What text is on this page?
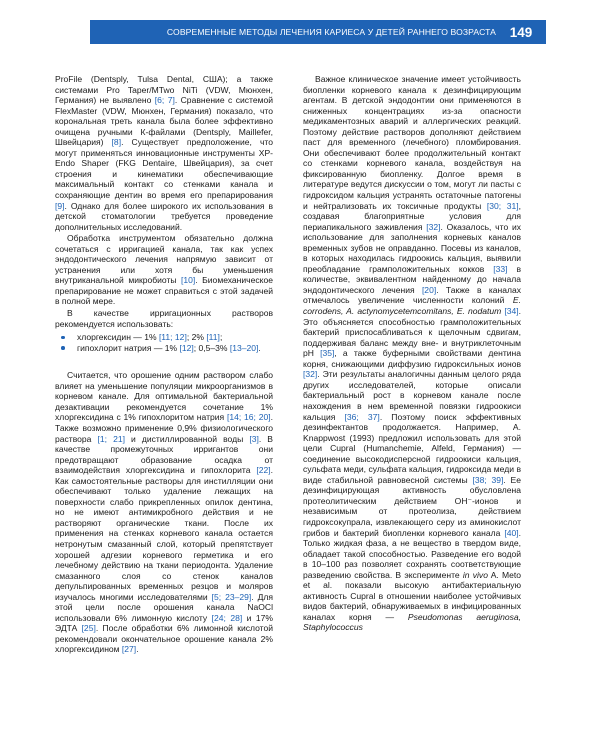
СОВРЕМЕННЫЕ МЕТОДЫ ЛЕЧЕНИЯ КАРИЕСА У ДЕТЕЙ РАННЕГО ВОЗРАСТА	149

ProFile (Dentsply, Tulsa Dental, США); а также системами Pro Taper/MTwo NiTi (VDW, Мюнхен, Германия) не выявлено [6; 7]. Сравнение с системой FlexMaster (VDW, Мюнхен, Германия) показало, что корональная треть канала была более эффективно очищена ручными К-файлами (Dentsply, Maillefer, Швейцария) [8]. Существует предположение, что могут применяться инновационные инструменты XP-Endo Shaper (FKG Dentaire, Швейцария), за счет строения и кинематики обеспечивающие максимальный контакт со стенками канала и сохраняющие дентин во время его препарирования [9]. Однако для более широкого их использования в детской стоматологии требуется проведение дополнительных исследований.

Обработка инструментом обязательно должна сочетаться с ирригацией канала, так как успех эндодонтического лечения напрямую зависит от устранения или хотя бы уменьшения внутриканальной микробиоты [10]. Биомеханическое препарирование не может справиться с этой задачей в полной мере.

В качестве ирригационных растворов рекомендуется использовать:

хлоргексидин — 1% [11; 12]; 2% [11];
гипохлорит натрия — 1% [12]; 0,5–3% [13–20].

Считается, что орошение одним раствором слабо влияет на уменьшение популяции микроорганизмов в корневом канале. Для оптимальной бактериальной дезактивации рекомендуется сочетание 1% хлоргексидина с 1% гипохлоритом натрия [14; 16; 20]. Также возможно применение 0,9% физиологического раствора [1; 21] и дистиллированной воды [3]. В качестве промежуточных ирригантов они предотвращают образование осадка от взаимодействия хлоргексидина и гипохлорита [22]. Как самостоятельные растворы для инстилляции они обеспечивают только удаление лежащих на поверхности слабо прикрепленных опилок дентина, но не имеют антимикробного действия и не растворяют органические ткани. После их применения на стенках корневого канала остается нетронутым смазанный слой, который препятствует хорошей адгезии корневого герметика и его лечебному действию на ткани периодонта. Удаление смазанного слоя со стенок каналов депульпированных временных резцов и моляров изучалось многими исследователями [5; 23–29]. Для этой цели после орошения канала NaOCl использовали 6% лимонную кислоту [24; 28] и 17% ЭДТА [25]. После обработки 6% лимонной кислотой рекомендовали окончательное орошение канала 2% хлоргексидином [27].

Важное клиническое значение имеет устойчивость биопленки корневого канала к дезинфицирующим агентам. В детской эндодонтии они применяются в сниженных концентрациях из-за опасности медикаментозных аварий и аллергических реакций. Поэтому действие растворов дополняют действием паст для временного (лечебного) пломбирования. Они обеспечивают более продолжительный контакт со стенками корневого канала, воздействуя на фиксированную биопленку. Долгое время в литературе ведутся дискуссии о том, могут ли пасты с гидроксидом кальция устранять остаточные патогены и нейтрализовать их токсичные продукты [30; 31], создавая благоприятные условия для периапикального заживления [32]. Оказалось, что их использование для заполнения корневых каналов временных зубов не оправданно. Посевы из каналов, в которых находилась гидроокись кальция, выявили преобладание грамположительных кокков [33] в количестве, эквивалентном найденному до начала эндодонтического лечения [20]. Также в каналах отмечалось увеличение численности колоний E. corrodens, A. actynomycetemcomitans, E. nodatum [34]. Это объясняется способностью грамположительных бактерий приспосабливаться к щелочным сдвигам, поддерживая баланс между вне- и внутриклеточным pH [35], а также буферными свойствами дентина корня, снижающими диффузию гидроксильных ионов [32]. Эти результаты аналогичны данным целого ряда других исследователей, которые описали бактериальный рост в корневом канале после нахождения в нем временной повязки гидроокиси кальция [36; 37]. Поэтому поиск эффективных дезинфектантов продолжается. Например, A. Knappwost (1993) предложил использовать для этой цели Cupral (Humanchemie, Alfeld, Германия) — соединение высокодисперсной гидроокиси кальция, сульфата меди, сульфата кальция, гидроксида меди в виде стабильной равновесной системы [38; 39]. Ее дезинфицирующая активность обусловлена протеолитическим действием OH⁻-ионов и независимым от протеолиза, действием гидроксокупрала, извлекающего серу из аминокислот грибов и бактерий биопленки корневого канала [40]. Только жидкая фаза, а не вещество в твердом виде, обладает такой способностью. Разведение его водой в 10–100 раз позволяет сохранять соответствующие разведению свойства. В эксперименте in vivo A. Meto et al. показали высокую антибактериальную активность Cupral в отношении наиболее устойчивых видов бактерий, обнаруживаемых в инфицированных каналах корня — Pseudomonas aeruginosa, Staphylococcus
